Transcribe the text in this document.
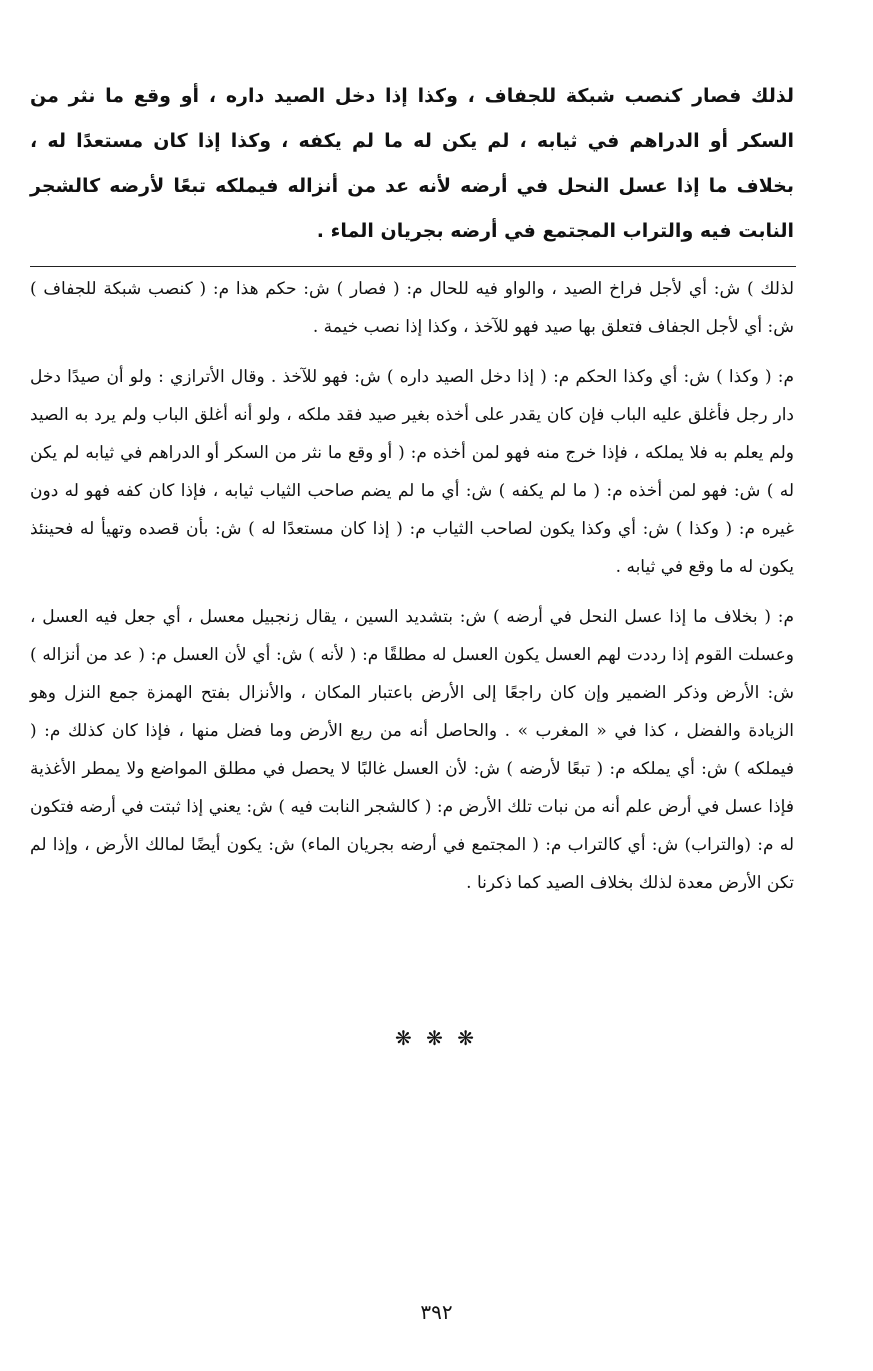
لذلك فصار كنصب شبكة للجفاف ، وكذا إذا دخل الصيد داره ، أو وقع ما نثر من السكر أو الدراهم في ثيابه ، لم يكن له ما لم يكفه ، وكذا إذا كان مستعدًا له ، بخلاف ما إذا عسل النحل في أرضه لأنه عد من أنزاله فيملكه تبعًا لأرضه كالشجر النابت فيه والتراب المجتمع في أرضه بجريان الماء .

لذلك ) ش: أي لأجل فراخ الصيد ، والواو فيه للحال م: ( فصار ) ش: حكم هذا م: ( كنصب شبكة للجفاف ) ش: أي لأجل الجفاف فتعلق بها صيد فهو للآخذ ، وكذا إذا نصب خيمة .

م: ( وكذا ) ش: أي وكذا الحكم م: ( إذا دخل الصيد داره ) ش: فهو للآخذ . وقال الأترازي : ولو أن صيدًا دخل دار رجل فأغلق عليه الباب فإن كان يقدر على أخذه بغير صيد فقد ملكه ، ولو أنه أغلق الباب ولم يرد به الصيد ولم يعلم به فلا يملكه ، فإذا خرج منه فهو لمن أخذه م: ( أو وقع ما نثر من السكر أو الدراهم في ثيابه لم يكن له ) ش: فهو لمن أخذه م: ( ما لم يكفه ) ش: أي ما لم يضم صاحب الثياب ثيابه ، فإذا كان كفه فهو له دون غيره م: ( وكذا ) ش: أي وكذا يكون لصاحب الثياب م: ( إذا كان مستعدًا له ) ش: بأن قصده وتهيأ له فحينئذ يكون له ما وقع في ثيابه .

م: ( بخلاف ما إذا عسل النحل في أرضه ) ش: بتشديد السين ، يقال زنجبيل معسل ، أي جعل فيه العسل ، وعسلت القوم إذا رددت لهم العسل يكون العسل له مطلقًا م: ( لأنه ) ش: أي لأن العسل م: ( عد من أنزاله ) ش: الأرض وذكر الضمير وإن كان راجعًا إلى الأرض باعتبار المكان ، والأنزال بفتح الهمزة جمع النزل وهو الزيادة والفضل ، كذا في « المغرب » . والحاصل أنه من ريع الأرض وما فضل منها ، فإذا كان كذلك م: ( فيملكه ) ش: أي يملكه م: ( تبعًا لأرضه ) ش: لأن العسل غالبًا لا يحصل في مطلق المواضع ولا يمطر الأغذية فإذا عسل في أرض علم أنه من نبات تلك الأرض م: ( كالشجر النابت فيه ) ش: يعني إذا ثبتت في أرضه فتكون له م: (والتراب) ش: أي كالتراب م: ( المجتمع في أرضه بجريان الماء) ش: يكون أيضًا لمالك الأرض ، وإذا لم تكن الأرض معدة لذلك بخلاف الصيد كما ذكرنا .

❋ ❋ ❋

٣٩٢
